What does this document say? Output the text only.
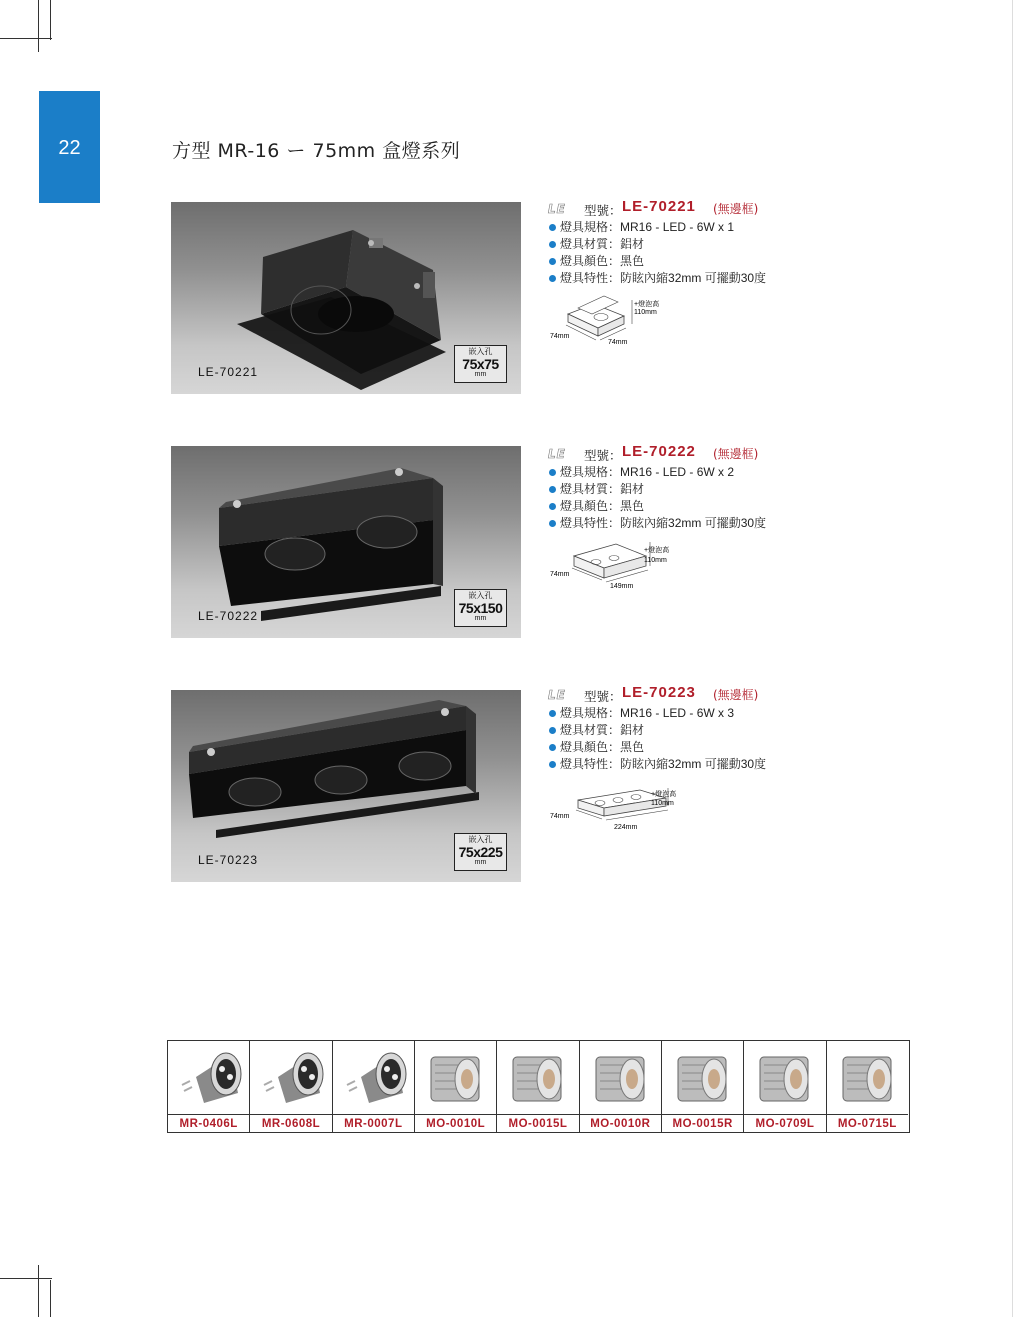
22	方型 MR-16 ー 75mm 盒燈系列
LE-70221
嵌入孔
75x75
mm
LE 型號： LE-70221 (無邊框)
燈具規格：MR16 - LED - 6W x 1
燈具材質：鋁材
燈具顏色：黑色
燈具特性：防眩內縮32mm 可擺動30度
+燈泡高
110mm
74mm
74mm
LE-70222
嵌入孔
75x150
mm
LE 型號： LE-70222 (無邊框)
燈具規格：MR16 - LED - 6W x 2
燈具材質：鋁材
燈具顏色：黑色
燈具特性：防眩內縮32mm 可擺動30度
+燈泡高
110mm
74mm
149mm
LE-70223
嵌入孔
75x225
mm
LE 型號： LE-70223 (無邊框)
燈具規格：MR16 - LED - 6W x 3
燈具材質：鋁材
燈具顏色：黑色
燈具特性：防眩內縮32mm 可擺動30度
+燈泡高
110mm
74mm
224mm
MR-0406L	MR-0608L	MR-0007L	MO-0010L	MO-0015L	MO-0010R	MO-0015R	MO-0709L	MO-0715L
